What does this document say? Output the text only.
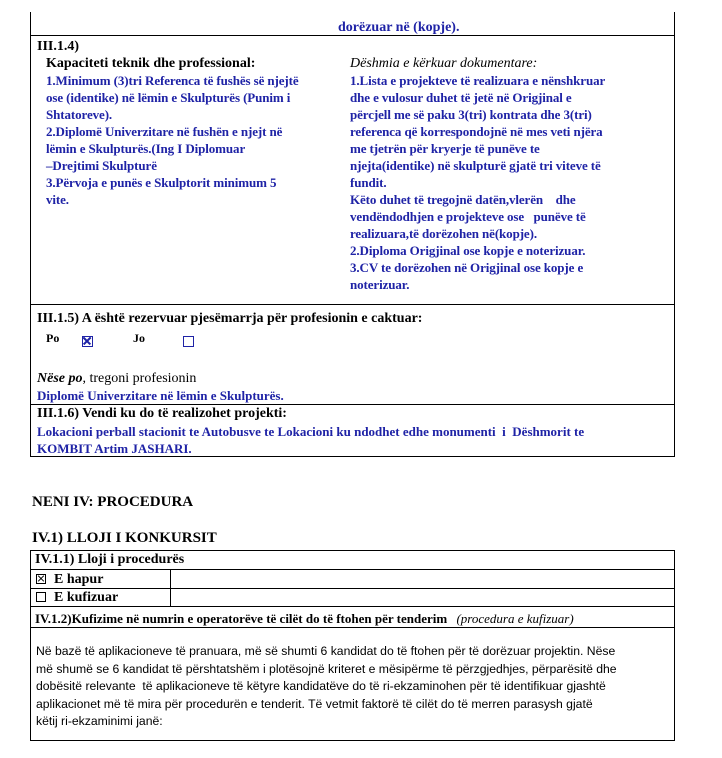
dorëzuar në (kopje).
III.1.4)
Kapaciteti teknik dhe professional:
1.Minimum (3)tri Referenca të fushës së njejtë
ose (identike) në lëmin e Skulpturës (Punim i
Shtatoreve).
2.Diplomë Univerzitare në fushën e njejt në
lëmin e Skulpturës.(Ing I Diplomuar
–Drejtimi Skulpturë
3.Përvoja e punës e Skulptorit minimum 5
vite.
Dëshmia e kërkuar dokumentare:
1.Lista e projekteve të realizuara e nënshkruar
dhe e vulosur duhet të jetë në Origjinal e
përcjell me së paku 3(tri) kontrata dhe 3(tri)
referenca që korrespondojnë në mes veti njëra
me tjetrën për kryerje të punëve te
njejta(identike) në skulpturë gjatë tri viteve të
fundit.
Këto duhet të tregojnë datën,vlerën    dhe
vendëndodhjen e projekteve ose   punëve të
realizuara,të dorëzohen në(kopje).
2.Diploma Origjinal ose kopje e noterizuar.
3.CV te dorëzohen në Origjinal ose kopje e
noterizuar.
III.1.5) A është rezervuar pjesëmarrja për profesionin e caktuar:
Po
	Jo
Nëse po, tregoni profesionin
Diplomë Univerzitare në lëmin e Skulpturës.
III.1.6) Vendi ku do të realizohet projekti:
Lokacioni perball stacionit te Autobusve te Lokacioni ku ndodhet edhe monumenti  i  Dëshmorit te
KOMBIT Artim JASHARI.
NENI IV: PROCEDURA
IV.1) LLOJI I KONKURSIT
IV.1.1) Lloji i procedurës
E hapur
E kufizuar
IV.1.2)Kufizime në numrin e operatorëve të cilët do të ftohen për tenderim (procedura e kufizuar)
Në bazë të aplikacioneve të pranuara, më së shumti 6 kandidat do të ftohen për të dorëzuar projektin. Nëse
më shumë se 6 kandidat të përshtatshëm i plotësojnë kriteret e mësipërme të përzgjedhjes, përparësitë dhe
dobësitë relevante  të aplikacioneve të këtyre kandidatëve do të ri-ekzaminohen për të identifikuar gjashtë
aplikacionet më të mira për procedurën e tenderit. Të vetmit faktorë të cilët do të merren parasysh gjatë
këtij ri-ekzaminimi janë:
